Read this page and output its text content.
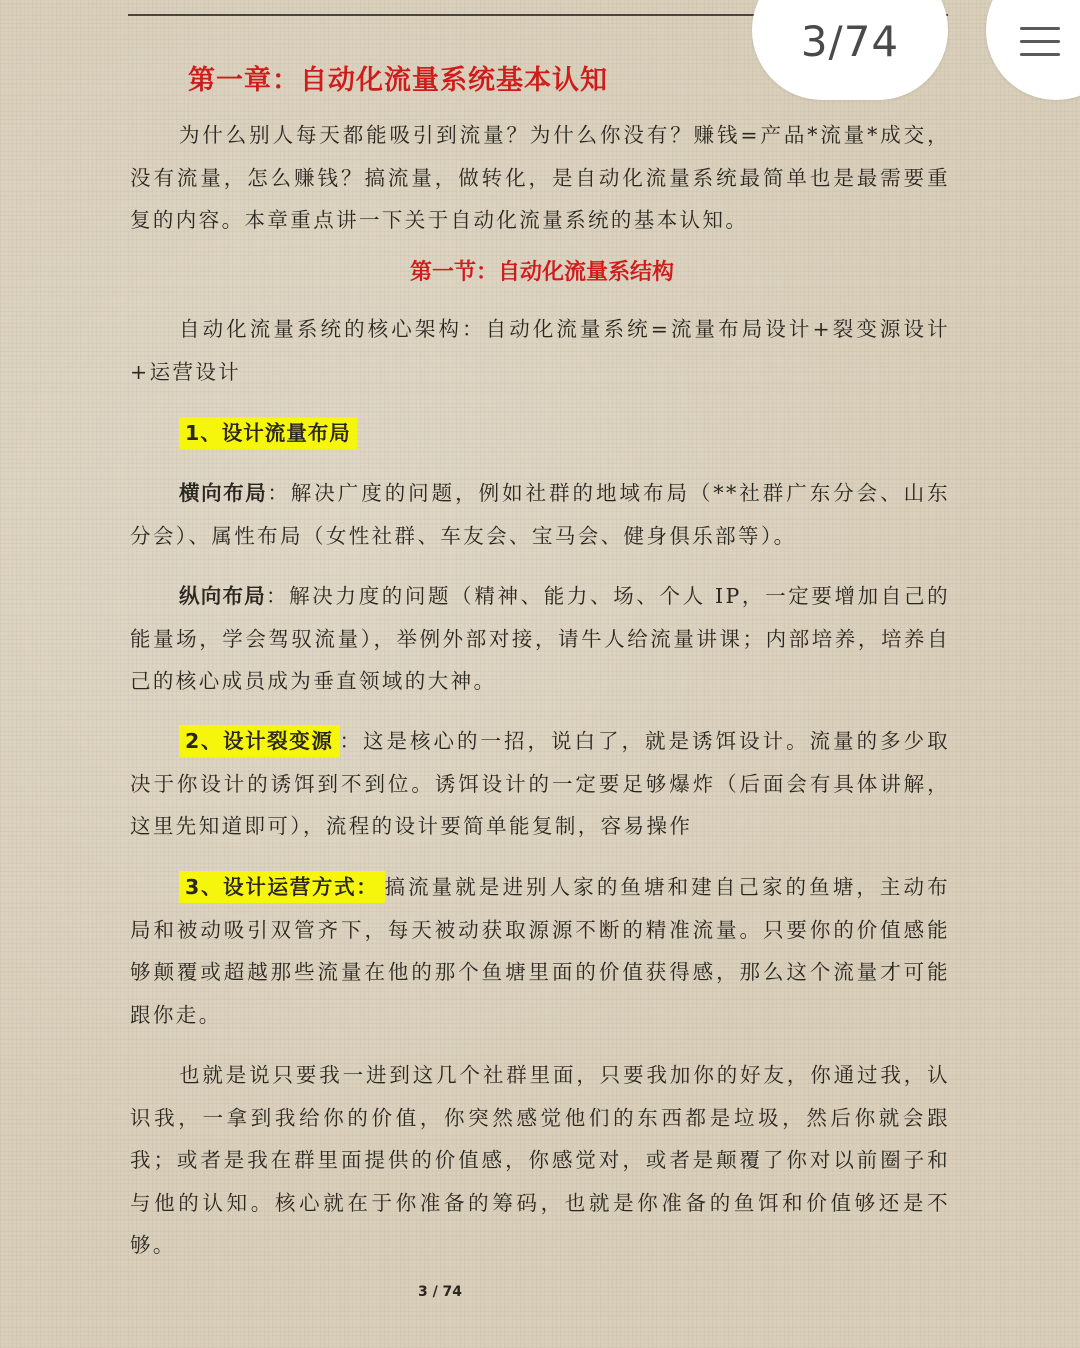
第一章：自动化流量系统基本认知
为什么别人每天都能吸引到流量？为什么你没有？赚钱=产品*流量*成交，没有流量，怎么赚钱？搞流量，做转化，是自动化流量系统最简单也是最需要重复的内容。本章重点讲一下关于自动化流量系统的基本认知。
第一节：自动化流量系结构
自动化流量系统的核心架构：自动化流量系统=流量布局设计+裂变源设计+运营设计
1、设计流量布局
横向布局：解决广度的问题，例如社群的地域布局（**社群广东分会、山东分会）、属性布局（女性社群、车友会、宝马会、健身俱乐部等）。
纵向布局：解决力度的问题（精神、能力、场、个人 IP，一定要增加自己的能量场，学会驾驭流量），举例外部对接，请牛人给流量讲课；内部培养，培养自己的核心成员成为垂直领域的大神。
2、设计裂变源 ：这是核心的一招，说白了，就是诱饵设计。流量的多少取决于你设计的诱饵到不到位。诱饵设计的一定要足够爆炸（后面会有具体讲解，这里先知道即可），流程的设计要简单能复制，容易操作
3、设计运营方式： 搞流量就是进别人家的鱼塘和建自己家的鱼塘，主动布局和被动吸引双管齐下，每天被动获取源源不断的精准流量。只要你的价值感能够颠覆或超越那些流量在他的那个鱼塘里面的价值获得感，那么这个流量才可能跟你走。
也就是说只要我一进到这几个社群里面，只要我加你的好友，你通过我，认识我，一拿到我给你的价值，你突然感觉他们的东西都是垃圾，然后你就会跟我；或者是我在群里面提供的价值感，你感觉对，或者是颠覆了你对以前圈子和与他的认知。核心就在于你准备的筹码，也就是你准备的鱼饵和价值够还是不够。
3 / 74
3/74
